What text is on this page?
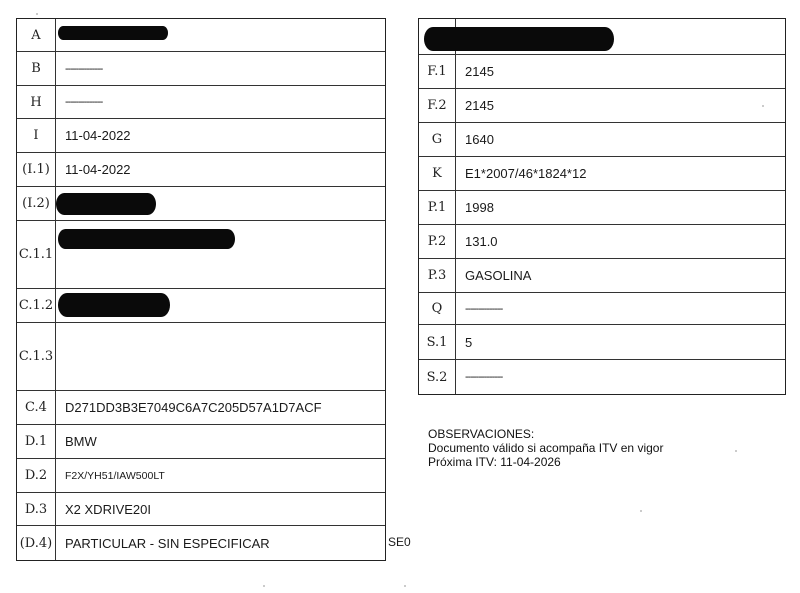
A
B	--------------
H	--------------
I	11-04-2022
(I.1)	11-04-2022
(I.2)
C.1.1
C.1.2
C.1.3
C.4	D271DD3B3E7049C6A7C205D57A1D7ACF
D.1	BMW
D.2	F2X/YH51/IAW500LT
D.3	X2 XDRIVE20I
(D.4) PARTICULAR - SIN ESPECIFICAR
F.1	2145
F.2	2145
G	1640
K	E1*2007/46*1824*12
P.1	1998
P.2	131.0
P.3	GASOLINA
Q	--------------
S.1	5
S.2	--------------
OBSERVACIONES:
Documento válido si acompaña ITV en vigor
Próxima ITV: 11-04-2026
SE0
